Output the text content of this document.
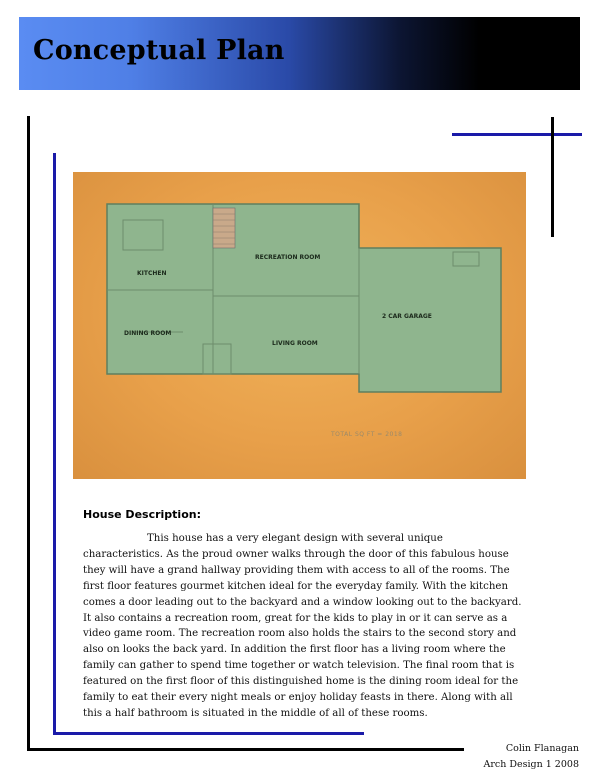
Conceptual Plan
KITCHEN
RECREATION ROOM
DINING ROOM
LIVING ROOM
2 CAR GARAGE
TOTAL SQ FT = 2018
House Description:

This house has a very elegant design with several unique characteristics. As the proud owner walks through the door of this fabulous house they will have a grand hallway providing them with access to all of the rooms. The first floor features gourmet kitchen ideal for the everyday family. With the kitchen comes a door leading out to the backyard and a window looking out to the backyard. It also contains a recreation room, great for the kids to play in or it can serve as a video game room. The recreation room also holds the stairs to the second story and also on looks the back yard. In addition the first floor has a living room where the family can gather to spend time together or watch television. The final room that is featured on the first floor of this distinguished home is the dining room ideal for the family to eat their every night meals or enjoy holiday feasts in there. Along with all this a half bathroom is situated in the middle of all of these rooms.

Colin Flanagan
Arch Design 1 2008
